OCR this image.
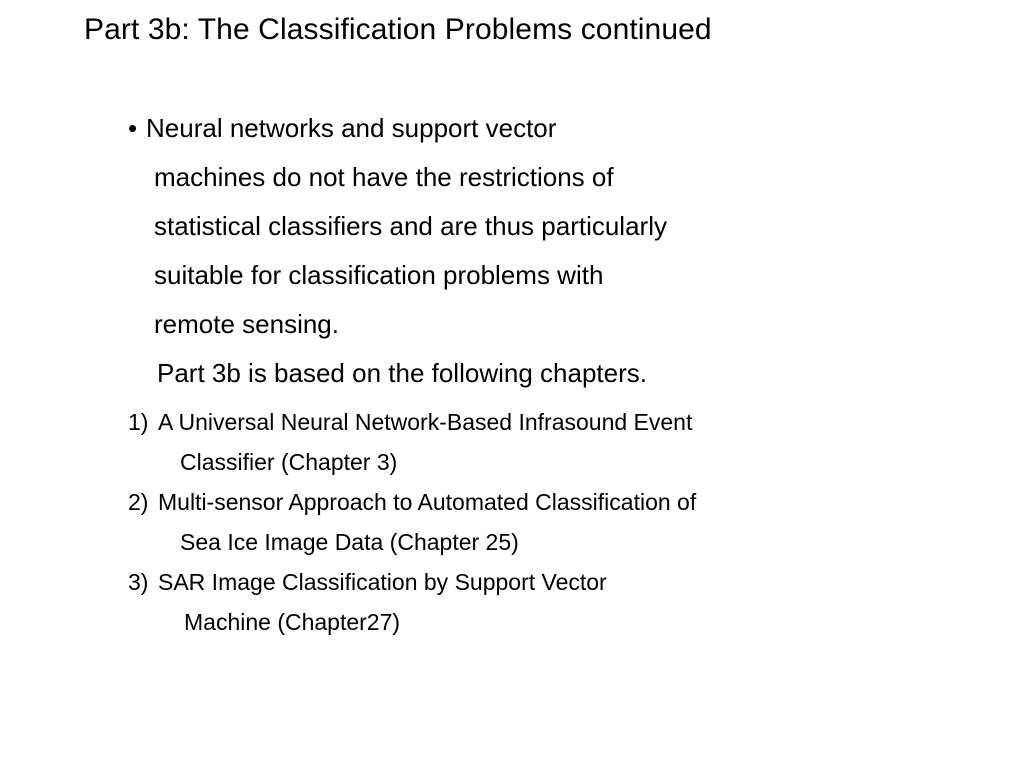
Part 3b: The Classification Problems continued
• Neural networks and support vector
machines do not have the restrictions of
statistical classifiers and are thus particularly
suitable for classification problems with
remote sensing.
Part 3b is based on the following chapters.
1) A Universal Neural Network-Based Infrasound Event
Classifier (Chapter 3)
2) Multi-sensor Approach to Automated Classification of
Sea Ice Image Data (Chapter 25)
3) SAR Image Classification by Support Vector
Machine (Chapter27)
